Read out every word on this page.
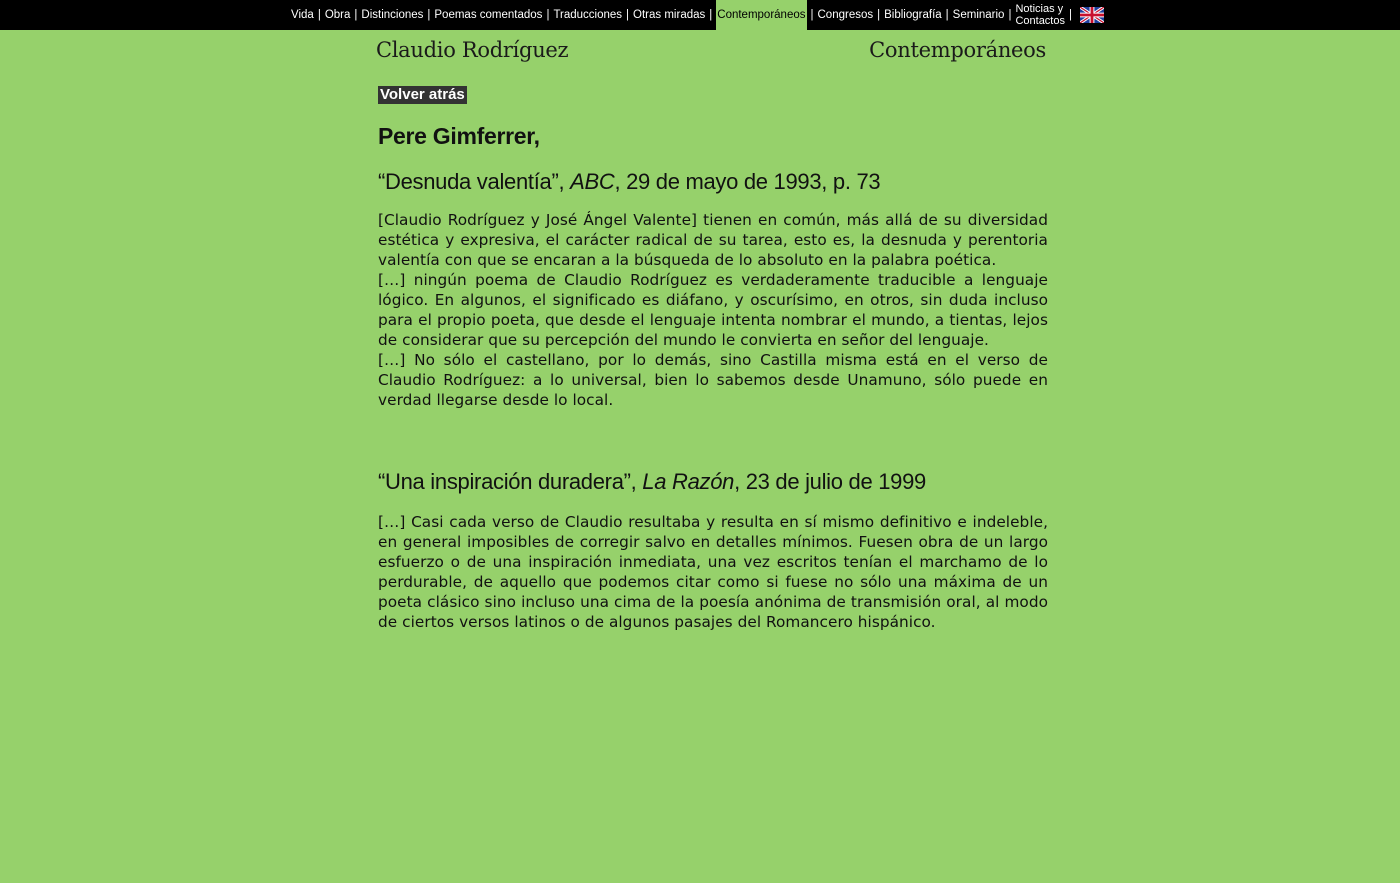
Vida | Obra | Distinciones | Poemas comentados | Traducciones | Otras miradas | Contemporáneos | Congresos | Bibliografía | Seminario | Noticias y
Contactos |
Claudio Rodríguez	Contemporáneos
Volver atrás
Pere Gimferrer,
“Desnuda valentía”, ABC, 29 de mayo de 1993, p. 73

[Claudio Rodríguez y José Ángel Valente] tienen en común, más allá de su diversidad estética y expresiva, el carácter radical de su tarea, esto es, la desnuda y perentoria valentía con que se encaran a la búsqueda de lo absoluto en la palabra poética.
[…] ningún poema de Claudio Rodríguez es verdaderamente traducible a lenguaje lógico. En algunos, el significado es diáfano, y oscurísimo, en otros, sin duda incluso para el propio poeta, que desde el lenguaje intenta nombrar el mundo, a tientas, lejos de considerar que su percepción del mundo le convierta en señor del lenguaje.
[…] No sólo el castellano, por lo demás, sino Castilla misma está en el verso de Claudio Rodríguez: a lo universal, bien lo sabemos desde Unamuno, sólo puede en verdad llegarse desde lo local.

“Una inspiración duradera”, La Razón, 23 de julio de 1999

[…] Casi cada verso de Claudio resultaba y resulta en sí mismo definitivo e indeleble, en general imposibles de corregir salvo en detalles mínimos. Fuesen obra de un largo esfuerzo o de una inspiración inmediata, una vez escritos tenían el marchamo de lo perdurable, de aquello que podemos citar como si fuese no sólo una máxima de un poeta clásico sino incluso una cima de la poesía anónima de transmisión oral, al modo de ciertos versos latinos o de algunos pasajes del Romancero hispánico.
